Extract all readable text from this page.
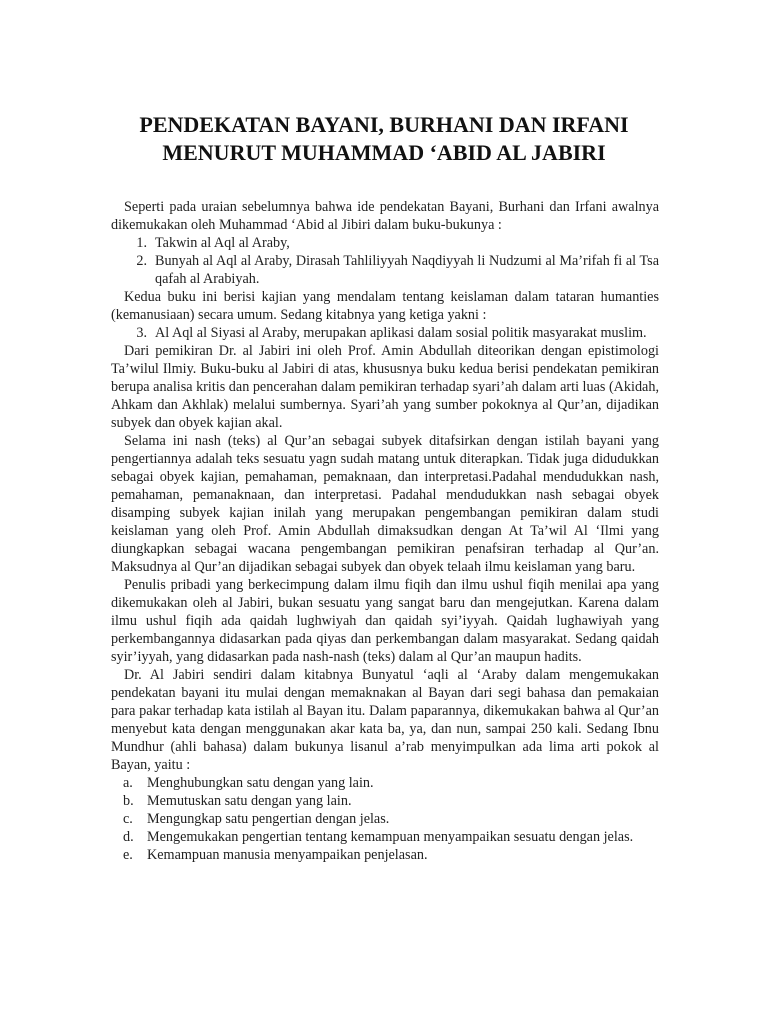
PENDEKATAN BAYANI, BURHANI DAN IRFANI
MENURUT MUHAMMAD ‘ABID AL JABIRI

Seperti pada uraian sebelumnya bahwa ide pendekatan Bayani, Burhani dan Irfani awalnya dikemukakan oleh Muhammad ‘Abid al Jibiri dalam buku-bukunya :

1. Takwin al Aql al Araby,
2. Bunyah al Aql al Araby, Dirasah Tahliliyyah Naqdiyyah li Nudzumi al Ma’rifah fi al Tsa qafah al Arabiyah.

Kedua buku ini berisi kajian yang mendalam tentang keislaman dalam tataran humanties (kemanusiaan) secara umum. Sedang kitabnya yang ketiga yakni :

3. Al Aql al Siyasi al Araby, merupakan aplikasi dalam sosial politik masyarakat muslim.

Dari pemikiran Dr. al Jabiri ini oleh Prof. Amin Abdullah diteorikan dengan epistimologi Ta’wilul Ilmiy. Buku-buku al Jabiri di atas, khususnya buku kedua berisi pendekatan pemikiran berupa analisa kritis dan pencerahan dalam pemikiran terhadap syari’ah dalam arti luas (Akidah, Ahkam dan Akhlak) melalui sumbernya. Syari’ah yang sumber pokoknya al Qur’an, dijadikan subyek dan obyek kajian akal.

Selama ini nash (teks) al Qur’an sebagai subyek ditafsirkan dengan istilah bayani yang pengertiannya adalah teks sesuatu yagn sudah matang untuk diterapkan. Tidak juga didudukkan sebagai obyek kajian, pemahaman, pemaknaan, dan interpretasi.Padahal mendudukkan nash, pemahaman, pemanaknaan, dan interpretasi. Padahal mendudukkan nash sebagai obyek disamping subyek kajian inilah yang merupakan pengembangan pemikiran dalam studi keislaman yang oleh Prof. Amin Abdullah dimaksudkan dengan At Ta’wil Al ‘Ilmi yang diungkapkan sebagai wacana pengembangan pemikiran penafsiran terhadap al Qur’an. Maksudnya al Qur’an dijadikan sebagai subyek dan obyek telaah ilmu keislaman yang baru.

Penulis pribadi yang berkecimpung dalam ilmu fiqih dan ilmu ushul fiqih menilai apa yang dikemukakan oleh al Jabiri, bukan sesuatu yang sangat baru dan mengejutkan. Karena dalam ilmu ushul fiqih ada qaidah lughwiyah dan qaidah syi’iyyah. Qaidah lughawiyah yang perkembangannya didasarkan pada qiyas dan perkembangan dalam masyarakat. Sedang qaidah syir’iyyah, yang didasarkan pada nash-nash (teks) dalam al Qur’an maupun hadits.

Dr. Al Jabiri sendiri dalam kitabnya Bunyatul ‘aqli al ‘Araby dalam mengemukakan pendekatan bayani itu mulai dengan memaknakan al Bayan dari segi bahasa dan pemakaian para pakar terhadap kata istilah al Bayan itu. Dalam paparannya, dikemukakan bahwa al Qur’an menyebut kata dengan menggunakan akar kata ba, ya, dan nun, sampai 250 kali. Sedang Ibnu Mundhur (ahli bahasa) dalam bukunya lisanul a’rab menyimpulkan ada lima arti pokok al Bayan, yaitu :

a. Menghubungkan satu dengan yang lain.
b. Memutuskan satu dengan yang lain.
c. Mengungkap satu pengertian dengan jelas.
d. Mengemukakan pengertian tentang kemampuan menyampaikan sesuatu dengan jelas.
e. Kemampuan manusia menyampaikan penjelasan.
